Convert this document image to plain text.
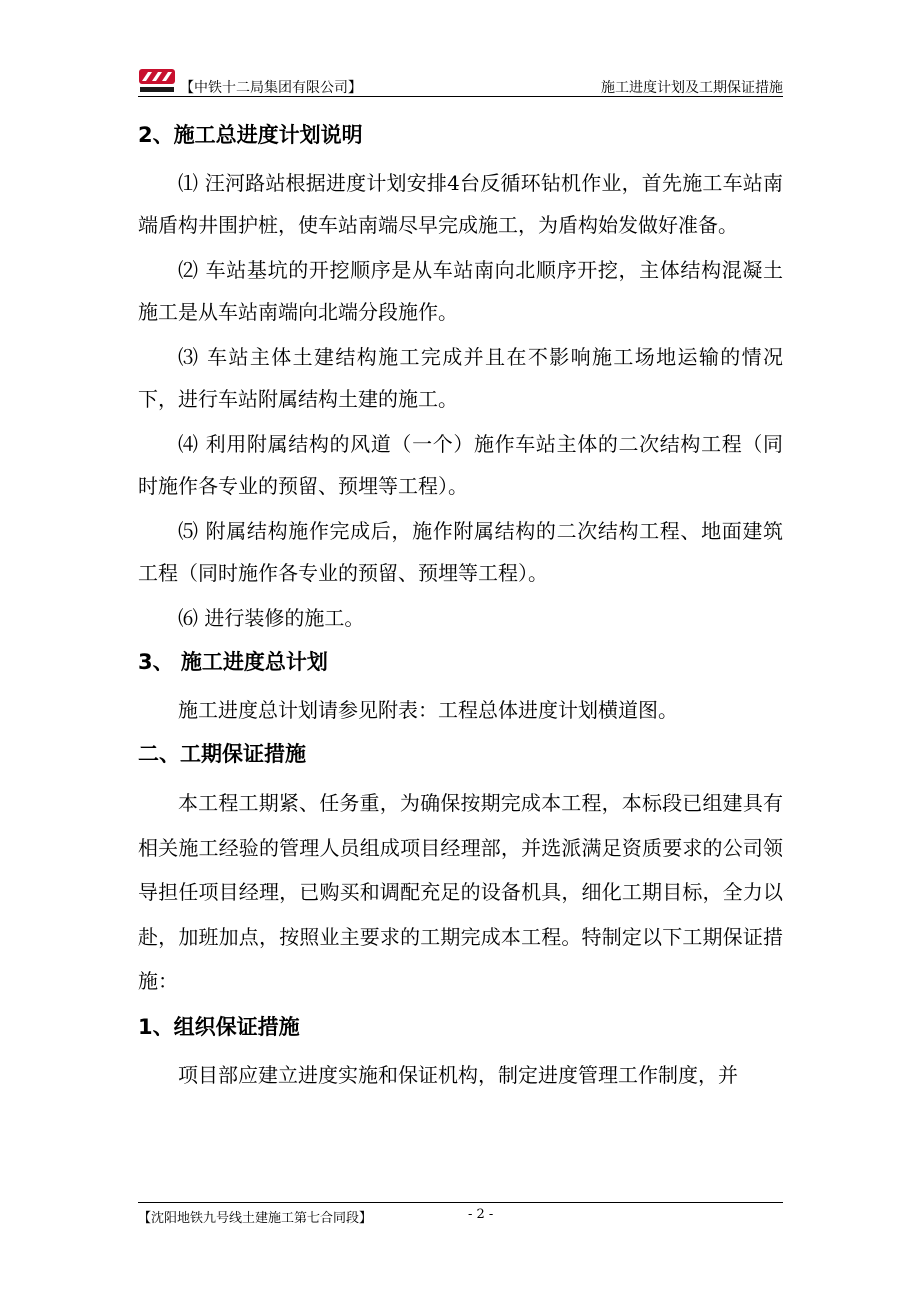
【中铁十二局集团有限公司】	施工进度计划及工期保证措施
2、施工总进度计划说明

⑴ 汪河路站根据进度计划安排4台反循环钻机作业，首先施工车站南端盾构井围护桩，使车站南端尽早完成施工，为盾构始发做好准备。

⑵ 车站基坑的开挖顺序是从车站南向北顺序开挖，主体结构混凝土施工是从车站南端向北端分段施作。

⑶ 车站主体土建结构施工完成并且在不影响施工场地运输的情况下，进行车站附属结构土建的施工。

⑷ 利用附属结构的风道（一个）施作车站主体的二次结构工程（同时施作各专业的预留、预埋等工程）。

⑸ 附属结构施作完成后，施作附属结构的二次结构工程、地面建筑工程（同时施作各专业的预留、预埋等工程）。

⑹ 进行装修的施工。

3、 施工进度总计划

施工进度总计划请参见附表：工程总体进度计划横道图。

二、工期保证措施

本工程工期紧、任务重，为确保按期完成本工程，本标段已组建具有相关施工经验的管理人员组成项目经理部，并选派满足资质要求的公司领导担任项目经理，已购买和调配充足的设备机具，细化工期目标，全力以赴，加班加点，按照业主要求的工期完成本工程。特制定以下工期保证措施：

1、组织保证措施

项目部应建立进度实施和保证机构，制定进度管理工作制度，并

【沈阳地铁九号线土建施工第七合同段】	- 2 -
